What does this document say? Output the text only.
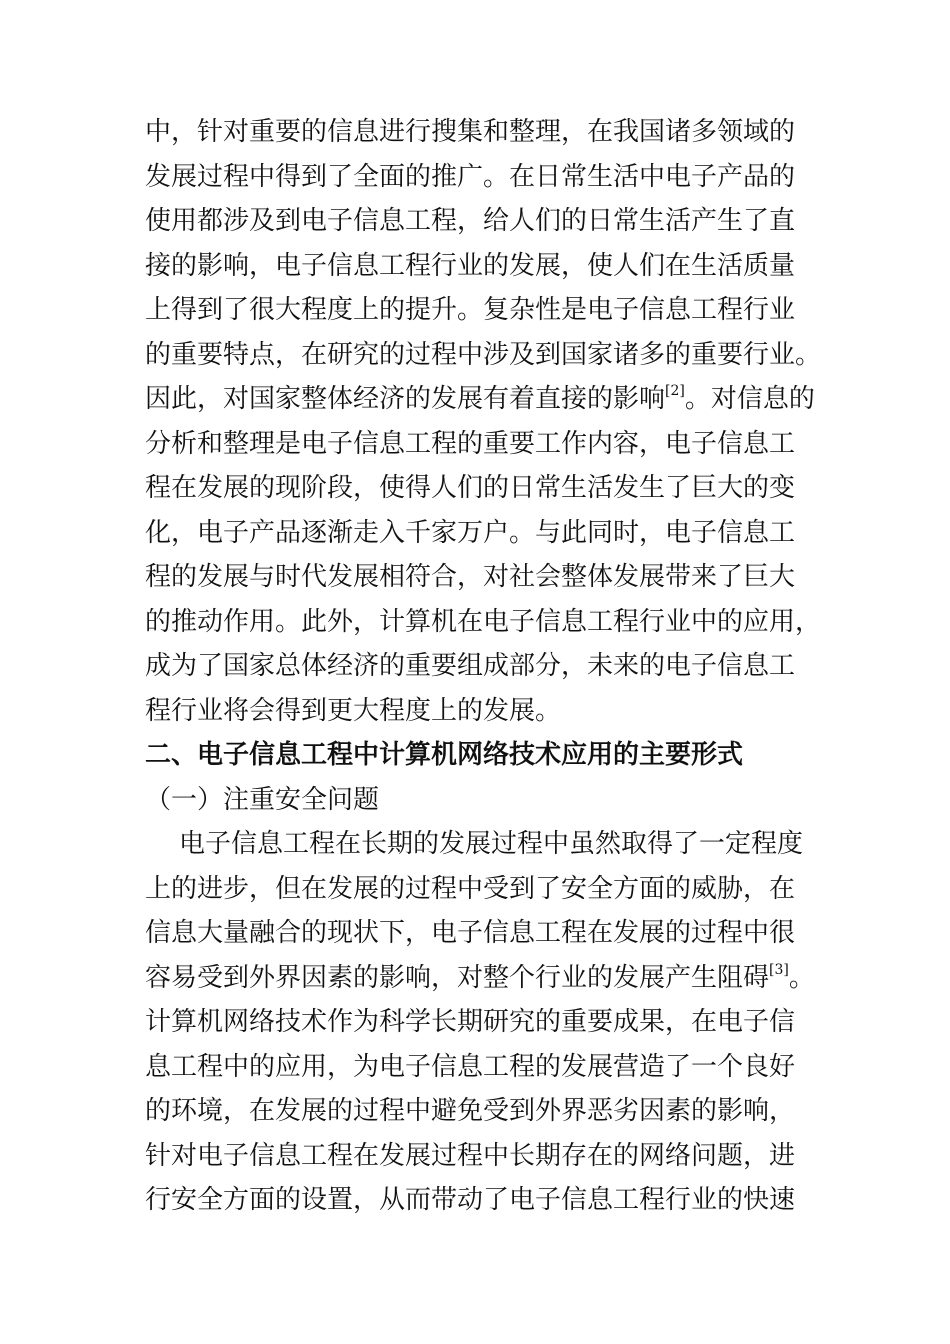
中，针对重要的信息进行搜集和整理，在我国诸多领域的
发展过程中得到了全面的推广。在日常生活中电子产品的
使用都涉及到电子信息工程，给人们的日常生活产生了直
接的影响，电子信息工程行业的发展，使人们在生活质量
上得到了很大程度上的提升。复杂性是电子信息工程行业
的重要特点，在研究的过程中涉及到国家诸多的重要行业。
因此，对国家整体经济的发展有着直接的影响[2]。对信息的
分析和整理是电子信息工程的重要工作内容，电子信息工
程在发展的现阶段，使得人们的日常生活发生了巨大的变
化，电子产品逐渐走入千家万户。与此同时，电子信息工
程的发展与时代发展相符合，对社会整体发展带来了巨大
的推动作用。此外，计算机在电子信息工程行业中的应用，
成为了国家总体经济的重要组成部分，未来的电子信息工
程行业将会得到更大程度上的发展。
二、电子信息工程中计算机网络技术应用的主要形式
（一）注重安全问题
电子信息工程在长期的发展过程中虽然取得了一定程度
上的进步，但在发展的过程中受到了安全方面的威胁，在
信息大量融合的现状下，电子信息工程在发展的过程中很
容易受到外界因素的影响，对整个行业的发展产生阻碍[3]。
计算机网络技术作为科学长期研究的重要成果，在电子信
息工程中的应用，为电子信息工程的发展营造了一个良好
的环境，在发展的过程中避免受到外界恶劣因素的影响，
针对电子信息工程在发展过程中长期存在的网络问题，进
行安全方面的设置，从而带动了电子信息工程行业的快速
